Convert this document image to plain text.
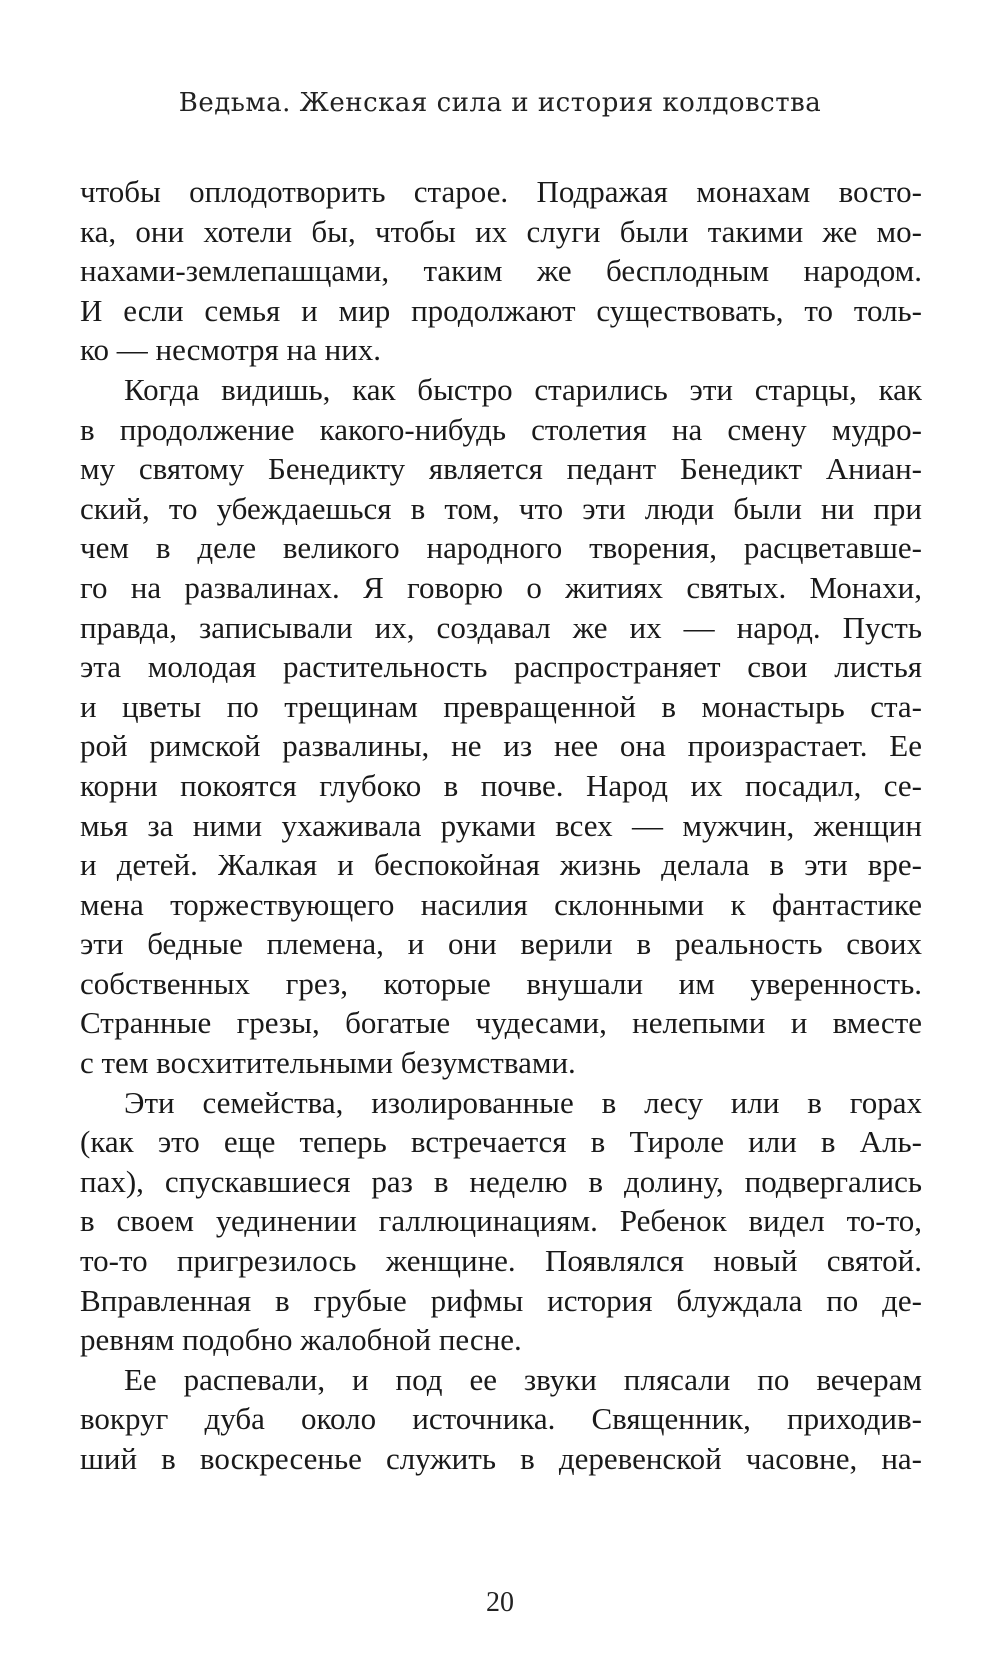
Ведьма. Женская сила и история колдовства
чтобы оплодотворить старое. Подражая монахам восто-
ка, они хотели бы, чтобы их слуги были такими же мо-
нахами-землепашцами, таким же бесплодным народом.
И если семья и мир продолжают существовать, то толь-
ко — несмотря на них.
Когда видишь, как быстро старились эти старцы, как
в продолжение какого-нибудь столетия на смену мудро-
му святому Бенедикту является педант Бенедикт Аниан-
ский, то убеждаешься в том, что эти люди были ни при
чем в деле великого народного творения, расцветавше-
го на развалинах. Я говорю о житиях святых. Монахи,
правда, записывали их, создавал же их — народ. Пусть
эта молодая растительность распространяет свои листья
и цветы по трещинам превращенной в монастырь ста-
рой римской развалины, не из нее она произрастает. Ее
корни покоятся глубоко в почве. Народ их посадил, се-
мья за ними ухаживала руками всех — мужчин, женщин
и детей. Жалкая и беспокойная жизнь делала в эти вре-
мена торжествующего насилия склонными к фантастике
эти бедные племена, и они верили в реальность своих
собственных грез, которые внушали им уверенность.
Странные грезы, богатые чудесами, нелепыми и вместе
с тем восхитительными безумствами.
Эти семейства, изолированные в лесу или в горах
(как это еще теперь встречается в Тироле или в Аль-
пах), спускавшиеся раз в неделю в долину, подвергались
в своем уединении галлюцинациям. Ребенок видел то-то,
то-то пригрезилось женщине. Появлялся новый святой.
Вправленная в грубые рифмы история блуждала по де-
ревням подобно жалобной песне.
Ее распевали, и под ее звуки плясали по вечерам
вокруг дуба около источника. Священник, приходив-
ший в воскресенье служить в деревенской часовне, на-
20
